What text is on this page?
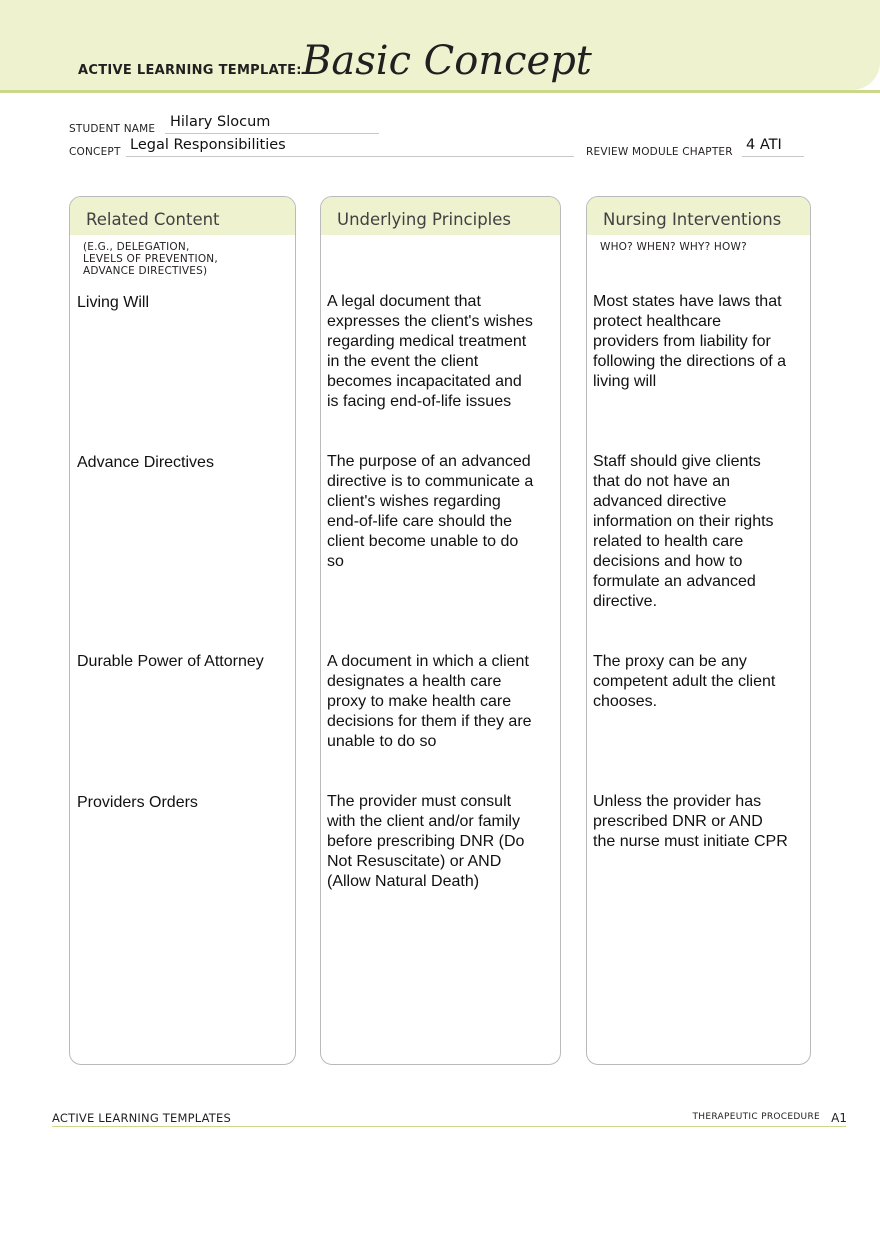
ACTIVE LEARNING TEMPLATE: Basic Concept
STUDENT NAME Hilary Slocum
CONCEPT Legal Responsibilities	REVIEW MODULE CHAPTER 4 ATI
Related Content
(E.G., DELEGATION,
LEVELS OF PREVENTION,
ADVANCE DIRECTIVES)
Living Will
Advance Directives
Durable Power of Attorney
Providers Orders
Underlying Principles
A legal document that
expresses the client's wishes
regarding medical treatment
in the event the client
becomes incapacitated and
is facing end-of-life issues
The purpose of an advanced
directive is to communicate a
client's wishes regarding
end-of-life care should the
client become unable to do
so
A document in which a client
designates a health care
proxy to make health care
decisions for them if they are
unable to do so
The provider must consult
with the client and/or family
before prescribing DNR (Do
Not Resuscitate) or AND
(Allow Natural Death)
Nursing Interventions
WHO? WHEN? WHY? HOW?
Most states have laws that
protect healthcare
providers from liability for
following the directions of a
living will
Staff should give clients
that do not have an
advanced directive
information on their rights
related to health care
decisions and how to
formulate an advanced
directive.
The proxy can be any
competent adult the client
chooses.
Unless the provider has
prescribed DNR or AND
the nurse must initiate CPR
ACTIVE LEARNING TEMPLATES	THERAPEUTIC PROCEDURE A1
